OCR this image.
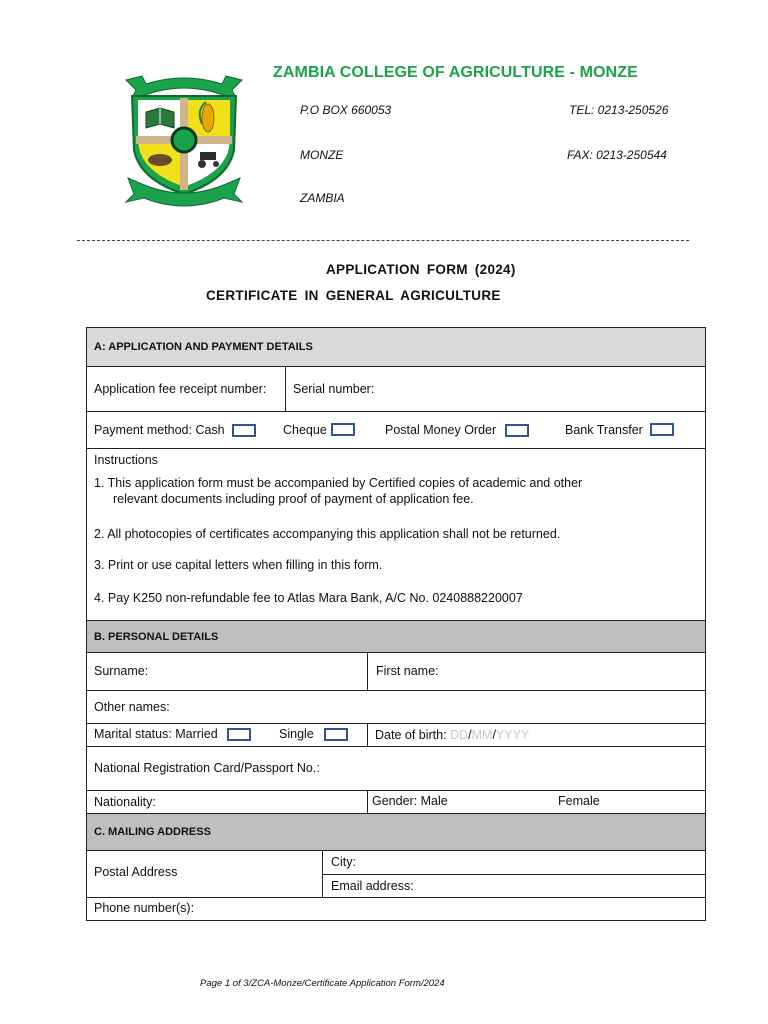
ZAMBIA COLLEGE OF AGRICULTURE - MONZE
P.O BOX 660053	TEL: 0213-250526
MONZE	FAX: 0213-250544
ZAMBIA
APPLICATION FORM (2024)
CERTIFICATE IN GENERAL AGRICULTURE
A: APPLICATION AND PAYMENT DETAILS
Application fee receipt number: Serial number:
Payment method: Cash	Cheque	Postal Money Order	Bank Transfer
Instructions
1. This application form must be accompanied by Certified copies of academic and other
relevant documents including proof of payment of application fee.
2. All photocopies of certificates accompanying this application shall not be returned.
3. Print or use capital letters when filling in this form.
4. Pay K250 non-refundable fee to Atlas Mara Bank, A/C No. 0240888220007
B. PERSONAL DETAILS
Surname:	First name:
Other names:
Marital status: Married	Single	Date of birth: DD/MM/YYYY
National Registration Card/Passport No.:
Nationality:	Gender: Male	Female
C. MAILING ADDRESS
Postal Address
City:
Email address:
Phone number(s):
Page 1 of 3/ZCA-Monze/Certificate Application Form/2024
